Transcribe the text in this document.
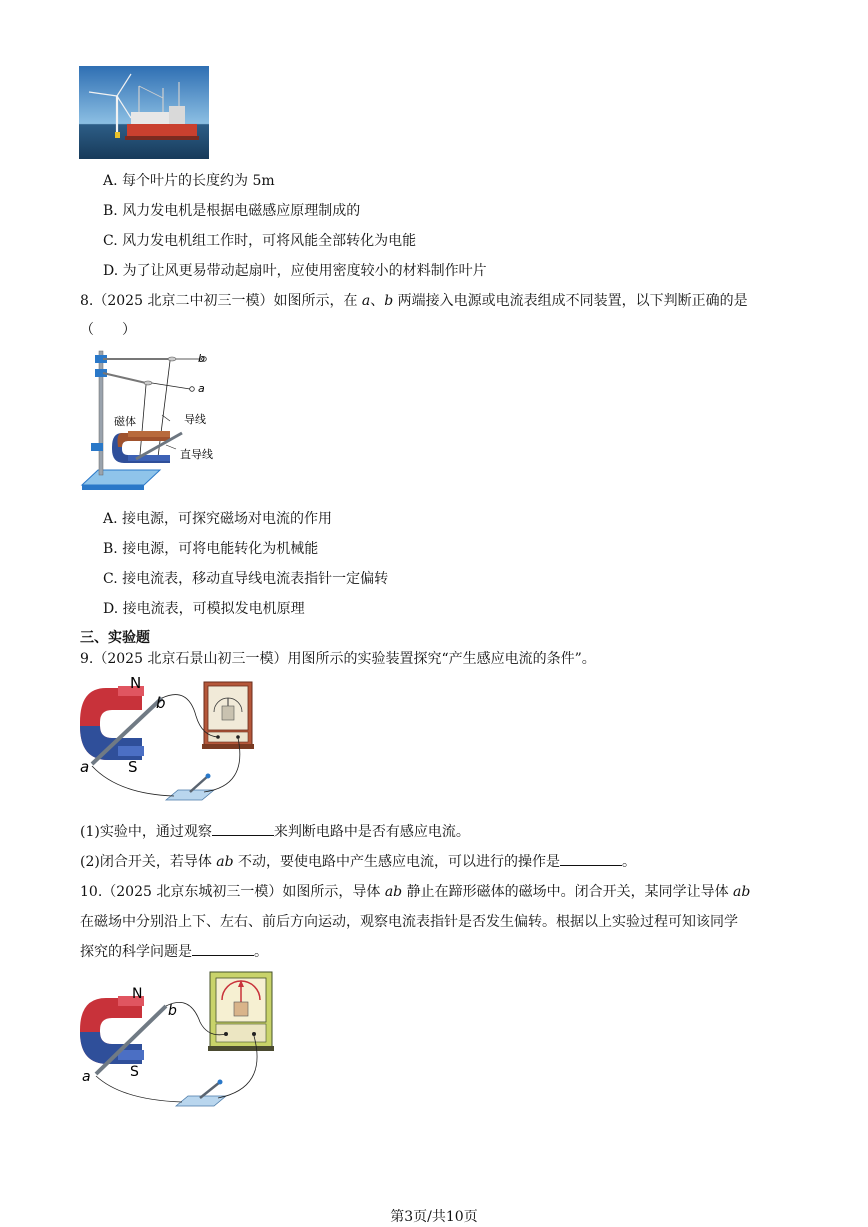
A. 每个叶片的长度约为 5m
B. 风力发电机是根据电磁感应原理制成的
C. 风力发电机组工作时，可将风能全部转化为电能
D. 为了让风更易带动起扇叶，应使用密度较小的材料制作叶片
8.（2025 北京二中初三一模）如图所示，在 a、b 两端接入电源或电流表组成不同装置，以下判断正确的是
（　　）
b
a
磁体	导线
直导线
A. 接电源，可探究磁场对电流的作用
B. 接电源，可将电能转化为机械能
C. 接电流表，移动直导线电流表指针一定偏转
D. 接电流表，可模拟发电机原理
三、实验题
9.（2025 北京石景山初三一模）用图所示的实验装置探究“产生感应电流的条件”。
N
S
a
b
(1)实验中，通过观察	来判断电路中是否有感应电流。
(2)闭合开关，若导体 ab 不动，要使电路中产生感应电流，可以进行的操作是	。
10.（2025 北京东城初三一模）如图所示，导体 ab 静止在蹄形磁体的磁场中。闭合开关，某同学让导体 ab
在磁场中分别沿上下、左右、前后方向运动，观察电流表指针是否发生偏转。根据以上实验过程可知该同学
探究的科学问题是	。
N
S
a
b
第3页/共10页
